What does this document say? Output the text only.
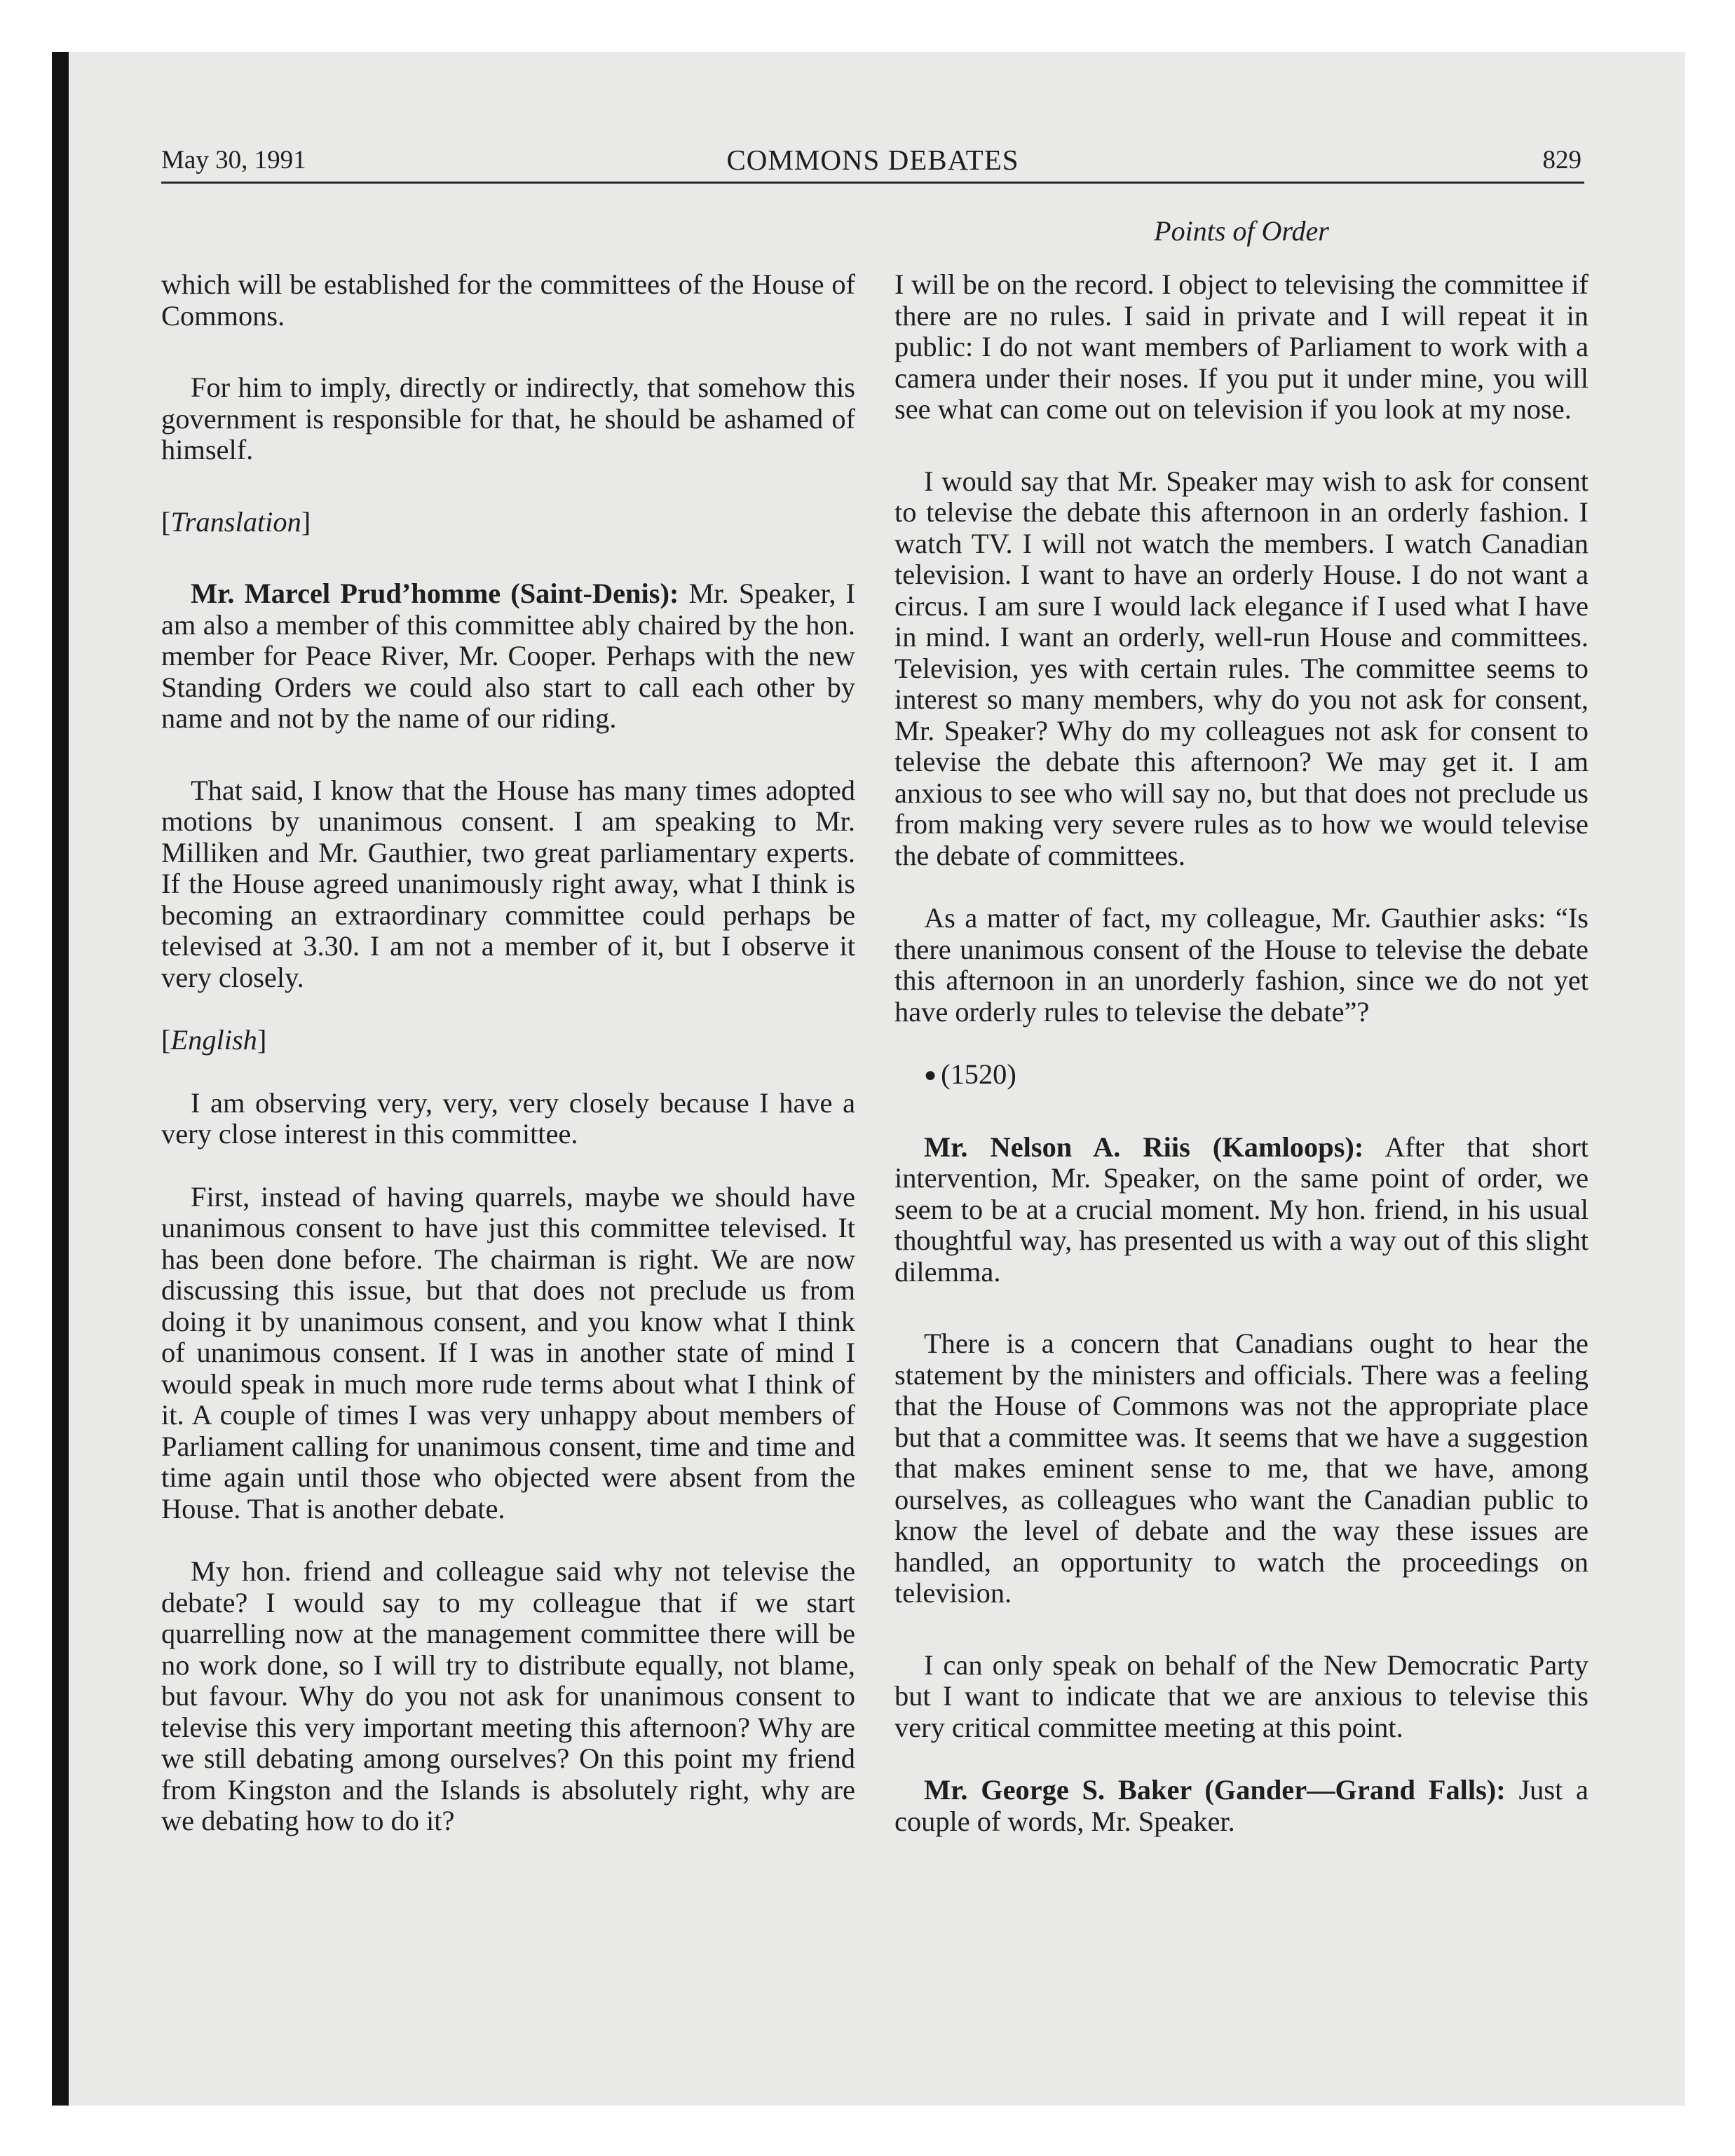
May 30, 1991	COMMONS DEBATES	829
Points of Order

which will be established for the committees of the House of Commons.

For him to imply, directly or indirectly, that somehow this government is responsible for that, he should be ashamed of himself.

[Translation]

Mr. Marcel Prud’homme (Saint-Denis): Mr. Speaker, I am also a member of this committee ably chaired by the hon. member for Peace River, Mr. Cooper. Perhaps with the new Standing Orders we could also start to call each other by name and not by the name of our riding.

That said, I know that the House has many times adopted motions by unanimous consent. I am speaking to Mr. Milliken and Mr. Gauthier, two great parliamentary experts. If the House agreed unanimously right away, what I think is becoming an extraordinary committee could perhaps be televised at 3.30. I am not a member of it, but I observe it very closely.

[English]

I am observing very, very, very closely because I have a very close interest in this committee.

First, instead of having quarrels, maybe we should have unanimous consent to have just this committee televised. It has been done before. The chairman is right. We are now discussing this issue, but that does not preclude us from doing it by unanimous consent, and you know what I think of unanimous consent. If I was in another state of mind I would speak in much more rude terms about what I think of it. A couple of times I was very unhappy about members of Parliament calling for unanimous consent, time and time and time again until those who objected were absent from the House. That is another debate.

My hon. friend and colleague said why not televise the debate? I would say to my colleague that if we start quarrelling now at the management committee there will be no work done, so I will try to distribute equally, not blame, but favour. Why do you not ask for unanimous consent to televise this very important meeting this afternoon? Why are we still debating among ourselves? On this point my friend from Kingston and the Islands is absolutely right, why are we debating how to do it?

I will be on the record. I object to televising the committee if there are no rules. I said in private and I will repeat it in public: I do not want members of Parliament to work with a camera under their noses. If you put it under mine, you will see what can come out on television if you look at my nose.

I would say that Mr. Speaker may wish to ask for consent to televise the debate this afternoon in an orderly fashion. I watch TV. I will not watch the members. I watch Canadian television. I want to have an orderly House. I do not want a circus. I am sure I would lack elegance if I used what I have in mind. I want an orderly, well-run House and committees. Television, yes with certain rules. The committee seems to interest so many members, why do you not ask for consent, Mr. Speaker? Why do my colleagues not ask for consent to televise the debate this afternoon? We may get it. I am anxious to see who will say no, but that does not preclude us from making very severe rules as to how we would televise the debate of committees.

As a matter of fact, my colleague, Mr. Gauthier asks: “Is there unanimous consent of the House to televise the debate this afternoon in an unorderly fashion, since we do not yet have orderly rules to televise the debate”?

● (1520)

Mr. Nelson A. Riis (Kamloops): After that short intervention, Mr. Speaker, on the same point of order, we seem to be at a crucial moment. My hon. friend, in his usual thoughtful way, has presented us with a way out of this slight dilemma.

There is a concern that Canadians ought to hear the statement by the ministers and officials. There was a feeling that the House of Commons was not the appropriate place but that a committee was. It seems that we have a suggestion that makes eminent sense to me, that we have, among ourselves, as colleagues who want the Canadian public to know the level of debate and the way these issues are handled, an opportunity to watch the proceedings on television.

I can only speak on behalf of the New Democratic Party but I want to indicate that we are anxious to televise this very critical committee meeting at this point.

Mr. George S. Baker (Gander—Grand Falls): Just a couple of words, Mr. Speaker.
